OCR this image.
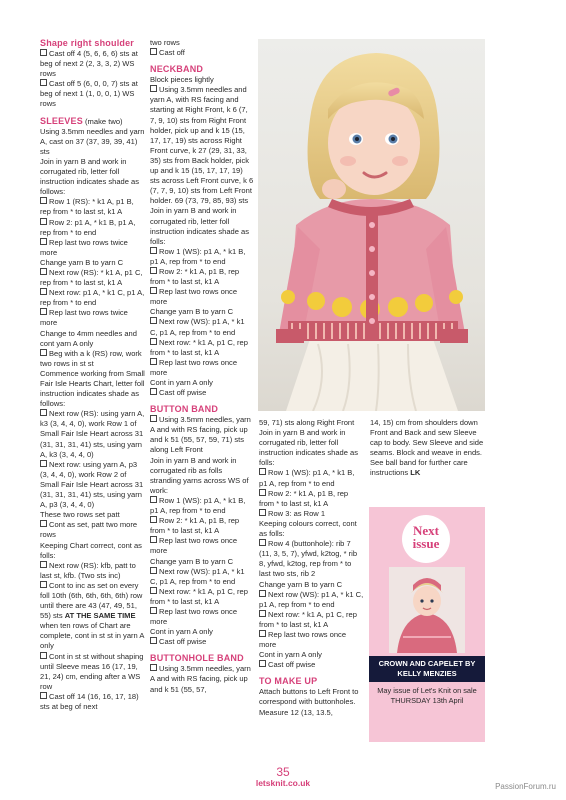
Shape right shoulder

Cast off 4 (5, 6, 6, 6) sts at beg of next 2 (2, 3, 3, 2) WS rows

Cast off 5 (6, 0, 0, 7) sts at beg of next 1 (1, 0, 0, 1) WS rows

SLEEVES (make two)

Using 3.5mm needles and yarn A, cast on 37 (37, 39, 39, 41) sts

Join in yarn B and work in corrugated rib, letter foll instruction indicates shade as follows:

Row 1 (RS): * k1 A, p1 B, rep from * to last st, k1 A

Row 2: p1 A, * k1 B, p1 A, rep from * to end

Rep last two rows twice more

Change yarn B to yarn C

Next row (RS): * k1 A, p1 C, rep from * to last st, k1 A

Next row: p1 A, * k1 C, p1 A, rep from * to end

Rep last two rows twice more

Change to 4mm needles and cont yarn A only

Beg with a k (RS) row, work two rows in st st

Commence working from Small Fair Isle Hearts Chart, letter foll instruction indicates shade as follows:

Next row (RS): using yarn A, k3 (3, 4, 4, 0), work Row 1 of Small Fair Isle Heart across 31 (31, 31, 31, 41) sts, using yarn A, k3 (3, 4, 4, 0)

Next row: using yarn A, p3 (3, 4, 4, 0), work Row 2 of Small Fair Isle Heart across 31 (31, 31, 31, 41) sts, using yarn A, p3 (3, 4, 4, 0)

These two rows set patt

Cont as set, patt two more rows

Keeping Chart correct, cont as folls:

Next row (RS): kfb, patt to last st, kfb. (Two sts inc)

Cont to inc as set on every foll 10th (6th, 6th, 6th, 6th) row until there are 43 (47, 49, 51, 55) sts AT THE SAME TIME when ten rows of Chart are complete, cont in st st in yarn A only

Cont in st st without shaping until Sleeve meas 16 (17, 19, 21, 24) cm, ending after a WS row

Cast off 14 (16, 16, 17, 18) sts at beg of next

two rows

Cast off

NECKBAND

Block pieces lightly

Using 3.5mm needles and yarn A, with RS facing and starting at Right Front, k 6 (7, 7, 9, 10) sts from Right Front holder, pick up and k 15 (15, 17, 17, 19) sts across Right Front curve, k 27 (29, 31, 33, 35) sts from Back holder, pick up and k 15 (15, 17, 17, 19) sts across Left Front curve, k 6 (7, 7, 9, 10) sts from Left Front holder. 69 (73, 79, 85, 93) sts

Join in yarn B and work in corrugated rib, letter foll instruction indicates shade as folls:

Row 1 (WS): p1 A, * k1 B, p1 A, rep from * to end

Row 2: * k1 A, p1 B, rep from * to last st, k1 A

Rep last two rows once more

Change yarn B to yarn C

Next row (WS): p1 A, * k1 C, p1 A, rep from * to end

Next row: * k1 A, p1 C, rep from * to last st, k1 A

Rep last two rows once more

Cont in yarn A only

Cast off pwise

BUTTON BAND

Using 3.5mm needles, yarn A and with RS facing, pick up and k 51 (55, 57, 59, 71) sts along Left Front

Join in yarn B and work in corrugated rib as folls stranding yarns across WS of work:

Row 1 (WS): p1 A, * k1 B, p1 A, rep from * to end

Row 2: * k1 A, p1 B, rep from * to last st, k1 A

Rep last two rows once more

Change yarn B to yarn C

Next row (WS): p1 A, * k1 C, p1 A, rep from * to end

Next row: * k1 A, p1 C, rep from * to last st, k1 A

Rep last two rows once more

Cont in yarn A only

Cast off pwise

BUTTONHOLE BAND

Using 3.5mm needles, yarn A and with RS facing, pick up and k 51 (55, 57,

59, 71) sts along Right Front

Join in yarn B and work in corrugated rib, letter foll instruction indicates shade as folls:

Row 1 (WS): p1 A, * k1 B, p1 A, rep from * to end

Row 2: * k1 A, p1 B, rep from * to last st, k1 A

Row 3: as Row 1

Keeping colours correct, cont as folls:

Row 4 (buttonhole): rib 7 (11, 3, 5, 7), yfwd, k2tog, * rib 8, yfwd, k2tog, rep from * to last two sts, rib 2

Change yarn B to yarn C

Next row (WS): p1 A, * k1 C, p1 A, rep from * to end

Next row: * k1 A, p1 C, rep from * to last st, k1 A

Rep last two rows once more

Cont in yarn A only

Cast off pwise

TO MAKE UP

Attach buttons to Left Front to correspond with buttonholes. Measure 12 (13, 13.5,

14, 15) cm from shoulders down Front and Back and sew Sleeve cap to body. Sew Sleeve and side seams. Block and weave in ends. See ball band for further care instructions LK

Next
issue
CROWN AND CAPELET BY KELLY MENZIES
May issue of Let's Knit on sale THURSDAY 13th April
35
letsknit.co.uk	PassionForum.ru
